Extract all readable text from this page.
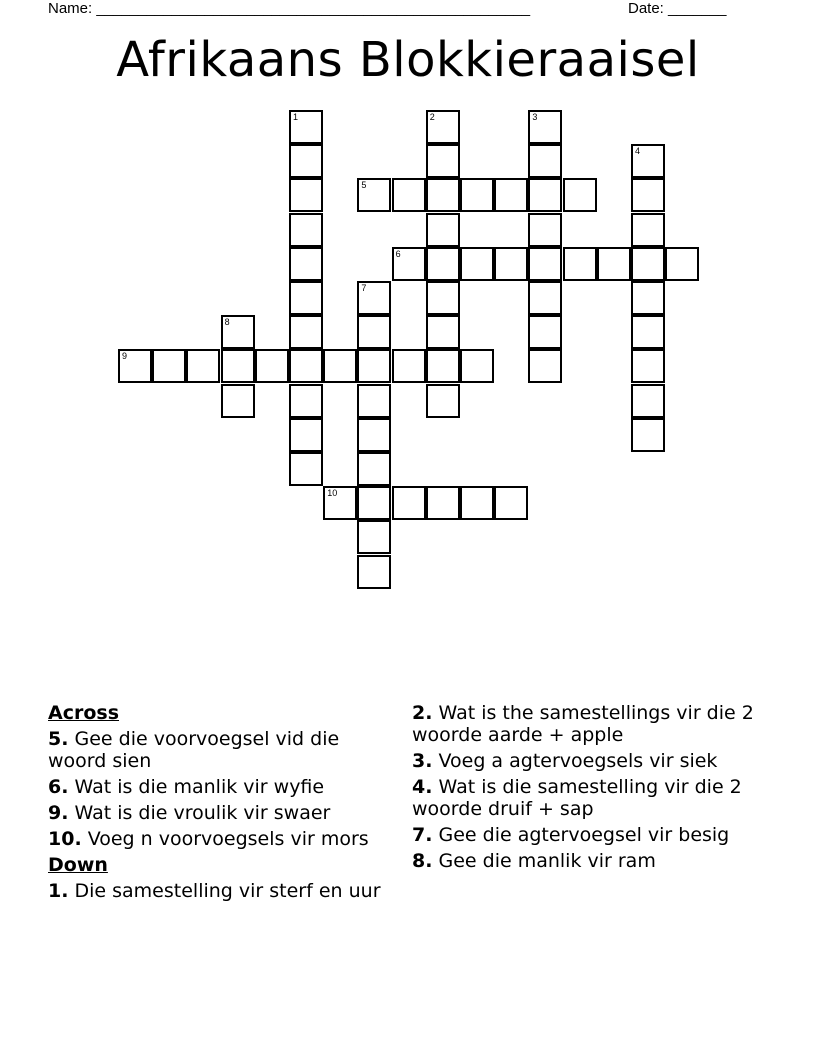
Name: ____________________________________________________	Date: _______
Afrikaans Blokkieraaisel
1	2	3
4
5
6
7
8
9
10
Across
5. Gee die voorvoegsel vid die woord sien
6. Wat is die manlik vir wyfie
9. Wat is die vroulik vir swaer
10. Voeg n voorvoegsels vir mors
Down
1. Die samestelling vir sterf en uur
2. Wat is the samestellings vir die 2 woorde aarde + apple
3. Voeg a agtervoegsels vir siek
4. Wat is die samestelling vir die 2 woorde druif + sap
7. Gee die agtervoegsel vir besig
8. Gee die manlik vir ram
